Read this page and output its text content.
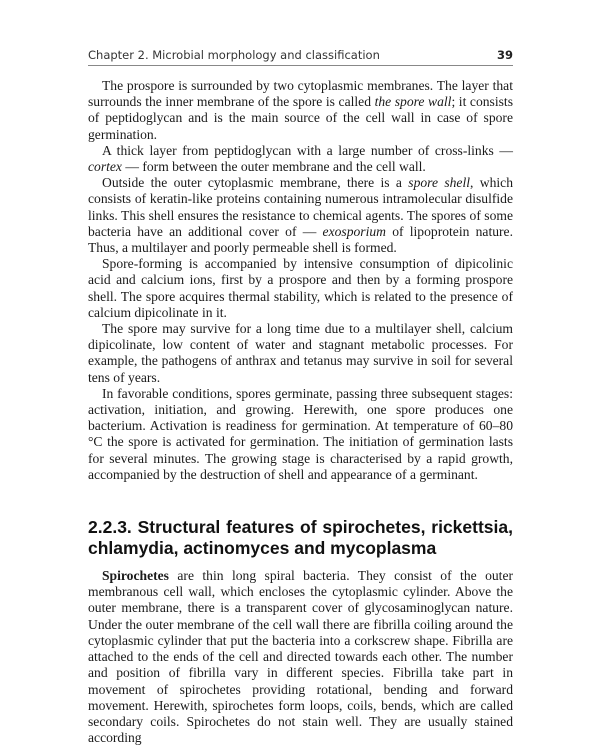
Chapter 2. Microbial morphology and classification	39

The prospore is surrounded by two cytoplasmic membranes. The layer that surrounds the inner membrane of the spore is called the spore wall; it consists of peptidoglycan and is the main source of the cell wall in case of spore germination.

A thick layer from peptidoglycan with a large number of cross-links — cortex — form between the outer membrane and the cell wall.

Outside the outer cytoplasmic membrane, there is a spore shell, which consists of keratin-like proteins containing numerous intramolecular disulfide links. This shell ensures the resistance to chemical agents. The spores of some bacteria have an additional cover of — exosporium of lipoprotein nature. Thus, a multilayer and poorly permeable shell is formed.

Spore-forming is accompanied by intensive consumption of dipicolinic acid and calcium ions, first by a prospore and then by a forming prospore shell. The spore acquires thermal stability, which is related to the presence of calcium dipicolinate in it.

The spore may survive for a long time due to a multilayer shell, calcium dipicolinate, low content of water and stagnant metabolic processes. For example, the pathogens of anthrax and tetanus may survive in soil for several tens of years.

In favorable conditions, spores germinate, passing three subsequent stages: activation, initiation, and growing. Herewith, one spore produces one bacterium. Activation is readiness for germination. At temperature of 60–80 °C the spore is activated for germination. The initiation of germination lasts for several minutes. The growing stage is characterised by a rapid growth, accompanied by the destruction of shell and appearance of a germinant.

2.2.3. Structural features of spirochetes, rickettsia, chlamydia, actinomyces and mycoplasma

Spirochetes are thin long spiral bacteria. They consist of the outer membranous cell wall, which encloses the cytoplasmic cylinder. Above the outer membrane, there is a transparent cover of glycosaminoglycan nature. Under the outer membrane of the cell wall there are fibrilla coiling around the cytoplasmic cylinder that put the bacteria into a corkscrew shape. Fibrilla are attached to the ends of the cell and directed towards each other. The number and position of fibrilla vary in different species. Fibrilla take part in movement of spirochetes providing rotational, bending and forward movement. Herewith, spirochetes form loops, coils, bends, which are called secondary coils. Spirochetes do not stain well. They are usually stained according
